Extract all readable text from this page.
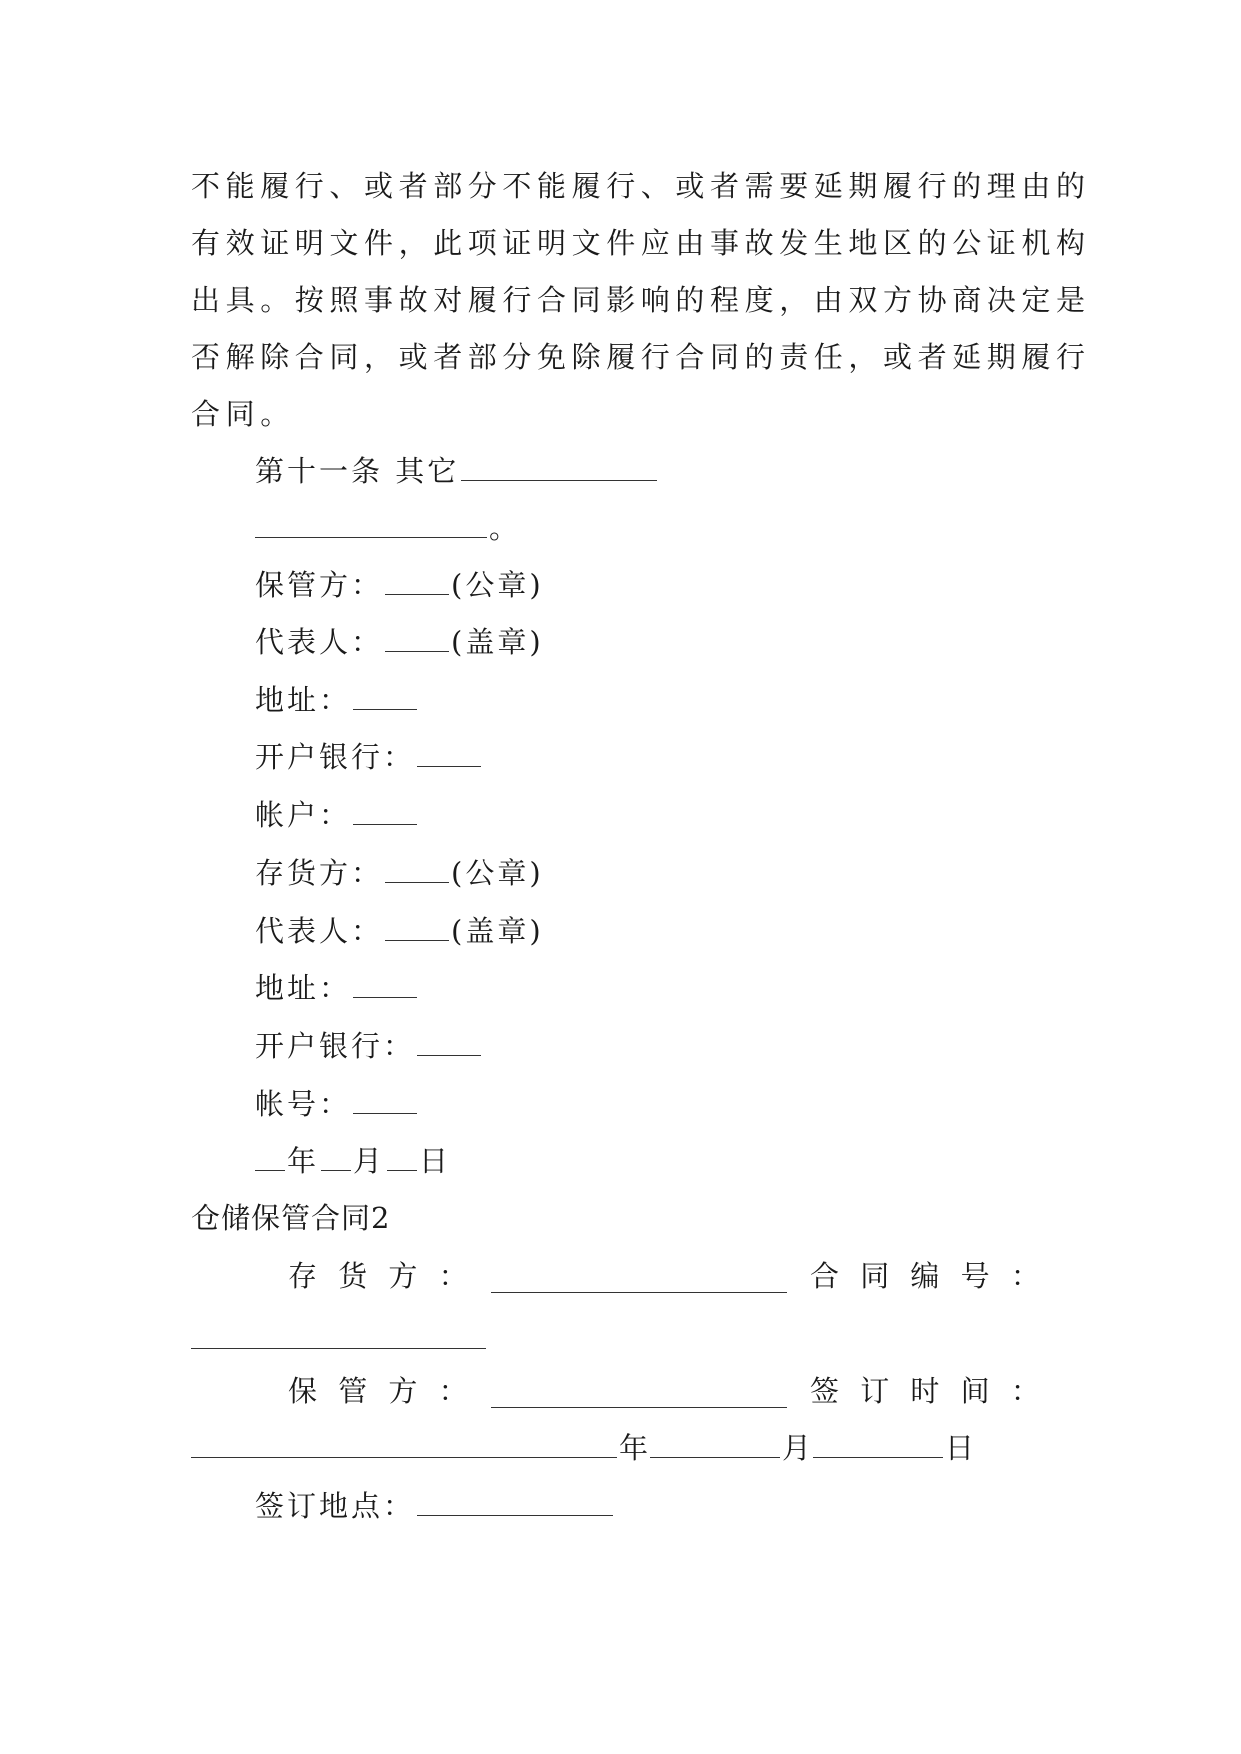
不能履行、或者部分不能履行、或者需要延期履行的理由的
有效证明文件，此项证明文件应由事故发生地区的公证机构
出具。按照事故对履行合同影响的程度，由双方协商决定是
否解除合同，或者部分免除履行合同的责任，或者延期履行
合同。
第十一条 其它
。
保管方： (公章)
代表人： (盖章)
地址：
开户银行：
帐户：
存货方： (公章)
代表人： (盖章)
地址：
开户银行：
帐号：
年 月 日
仓储保管合同2
存 货 方 ：	合 同 编 号 ：
保 管 方 ：	签 订 时 间 ：
年	月	日
签订地点：
